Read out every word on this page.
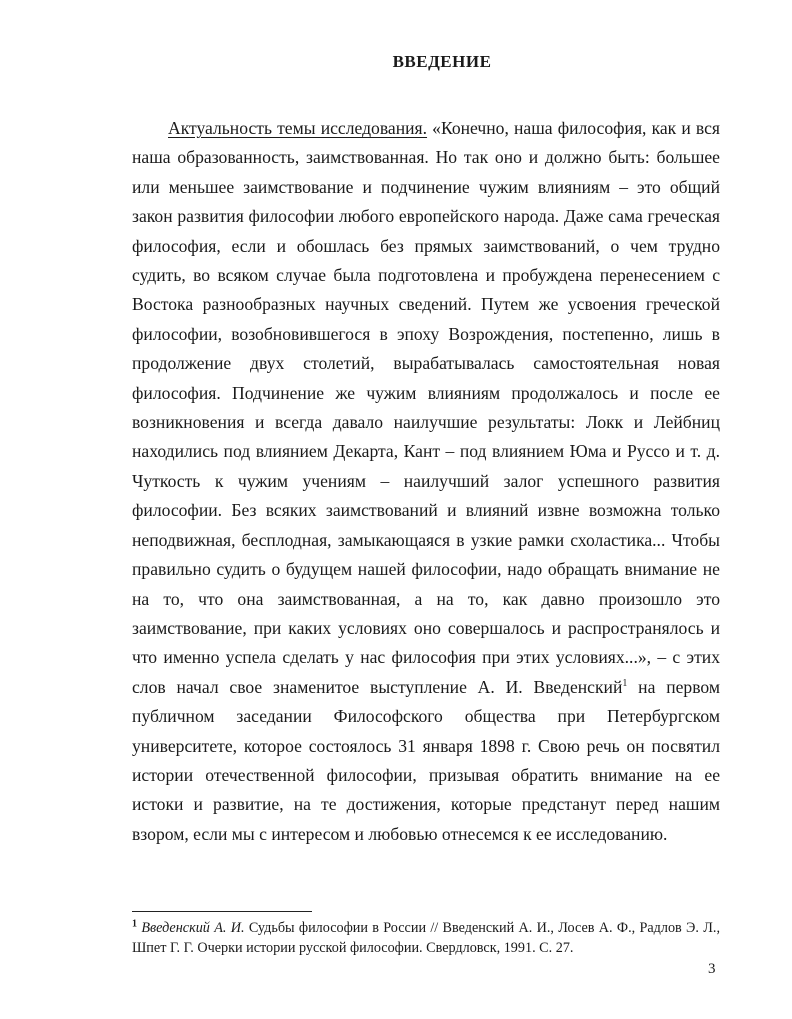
ВВЕДЕНИЕ

Актуальность темы исследования. «Конечно, наша философия, как и вся наша образованность, заимствованная. Но так оно и должно быть: большее или меньшее заимствование и подчинение чужим влияниям – это общий закон развития философии любого европейского народа. Даже сама греческая философия, если и обошлась без прямых заимствований, о чем трудно судить, во всяком случае была подготовлена и пробуждена перенесением с Востока разнообразных научных сведений. Путем же усвоения греческой философии, возобновившегося в эпоху Возрождения, постепенно, лишь в продолжение двух столетий, вырабатывалась самостоятельная новая философия. Подчинение же чужим влияниям продолжалось и после ее возникновения и всегда давало наилучшие результаты: Локк и Лейбниц находились под влиянием Декарта, Кант – под влиянием Юма и Руссо и т. д. Чуткость к чужим учениям – наилучший залог успешного развития философии. Без всяких заимствований и влияний извне возможна только неподвижная, бесплодная, замыкающаяся в узкие рамки схоластика... Чтобы правильно судить о будущем нашей философии, надо обращать внимание не на то, что она заимствованная, а на то, как давно произошло это заимствование, при каких условиях оно совершалось и распространялось и что именно успела сделать у нас философия при этих условиях...», – с этих слов начал свое знаменитое выступление А. И. Введенский$^1$ на первом публичном заседании Философского общества при Петербургском университете, которое состоялось 31 января 1898 г. Свою речь он посвятил истории отечественной философии, призывая обратить внимание на ее истоки и развитие, на те достижения, которые предстанут перед нашим взором, если мы с интересом и любовью отнесемся к ее исследованию.

$^1$ Введенский А. И. Судьбы философии в России // Введенский А. И., Лосев А. Ф., Радлов Э. Л., Шпет Г. Г. Очерки истории русской философии. Свердловск, 1991. С. 27.

3
